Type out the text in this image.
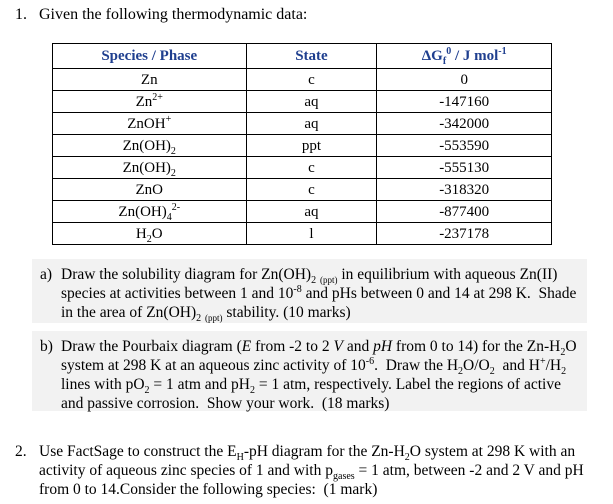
1. Given the following thermodynamic data:
Species / Phase	State	$\Delta G_f^0$ / J mol$^{-1}$
Zn	c	0
$Zn^{2+}$	aq	-147160
ZnOH+	aq	-342000
$Zn(OH)_2$	ppt	-553590
$Zn(OH)_2$	c	-555130
ZnO	c	-318320
$Zn(OH)_4^{2-}$	aq	-877400
$H_2O$	l	-237178
a) Draw the solubility diagram for $Zn(OH)_2$ $_{(ppt)}$ in equilibrium with aqueous Zn(II) species at activities between 1 and $10^{-8}$ and pHs between 0 and 14 at 298 K.  Shade in the area of $Zn(OH)_2$ $_{(ppt)}$ stability. (10 marks)
b) Draw the Pourbaix diagram (E from -2 to 2 V and pH from 0 to 14) for the $Zn-H_2O$ system at 298 K at an aqueous zinc activity of $10^{-6}$.  Draw the $H_2O/O_2$  and $H^+/H_2$ lines with $pO_2 = 1$ atm and $pH_2 = 1$ atm, respectively. Label the regions of active and passive corrosion.  Show your work.  (18 marks)
2. Use FactSage to construct the $E_H-pH$ diagram for the $Zn-H_2O$ system at 298 K with an activity of aqueous zinc species of 1 and with $p_{gases} = 1$ atm, between -2 and 2 V and pH from 0 to 14.Consider the following species:  (1 mark)
